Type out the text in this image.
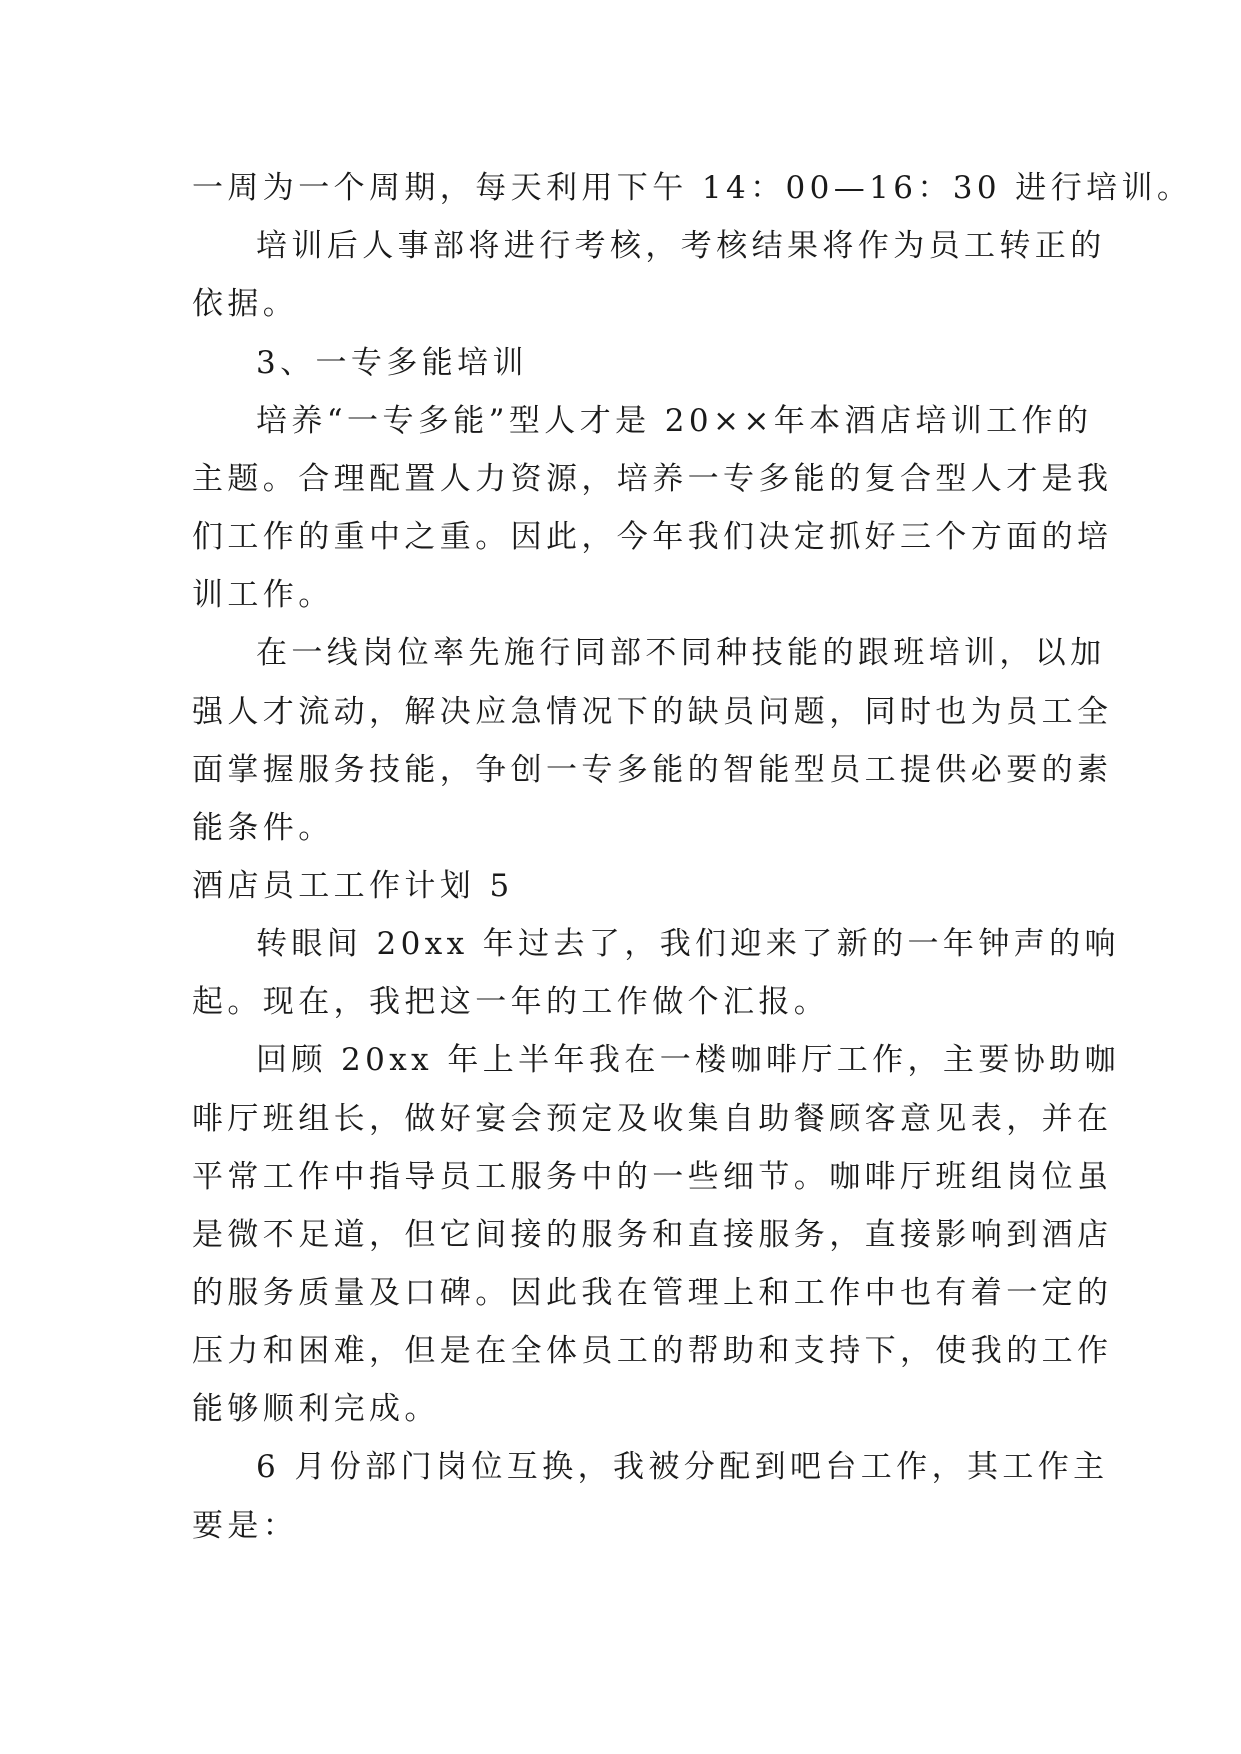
一周为一个周期，每天利用下午 14：00—16：30 进行培训。

培训后人事部将进行考核，考核结果将作为员工转正的

依据。

3、一专多能培训

培养“一专多能”型人才是 20××年本酒店培训工作的

主题。合理配置人力资源，培养一专多能的复合型人才是我

们工作的重中之重。因此，今年我们决定抓好三个方面的培

训工作。

在一线岗位率先施行同部不同种技能的跟班培训，以加

强人才流动，解决应急情况下的缺员问题，同时也为员工全

面掌握服务技能，争创一专多能的智能型员工提供必要的素

能条件。

酒店员工工作计划 5

转眼间 20xx 年过去了，我们迎来了新的一年钟声的响

起。现在，我把这一年的工作做个汇报。

回顾 20xx 年上半年我在一楼咖啡厅工作，主要协助咖

啡厅班组长，做好宴会预定及收集自助餐顾客意见表，并在

平常工作中指导员工服务中的一些细节。咖啡厅班组岗位虽

是微不足道，但它间接的服务和直接服务，直接影响到酒店

的服务质量及口碑。因此我在管理上和工作中也有着一定的

压力和困难，但是在全体员工的帮助和支持下，使我的工作

能够顺利完成。

6 月份部门岗位互换，我被分配到吧台工作，其工作主

要是：
